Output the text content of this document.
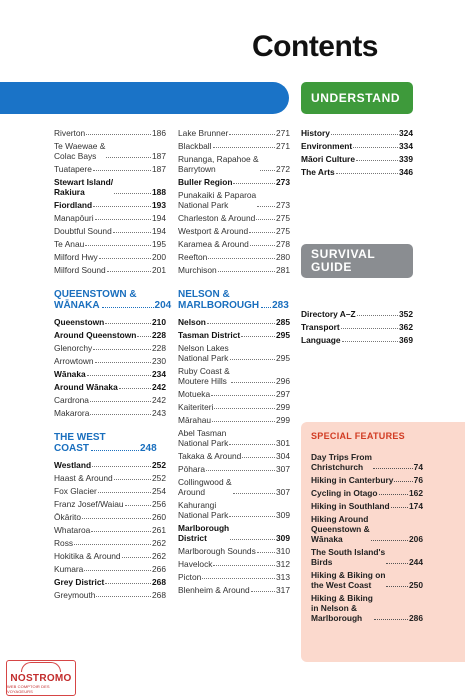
Contents
UNDERSTAND
SURVIVAL
GUIDE
Riverton	186
Te Waewae &
Colac Bays	187
Tuatapere	187
Stewart Island/
Rakiura	188
Fiordland	193
Manapōuri	194
Doubtful Sound	194
Te Anau	195
Milford Hwy	200
Milford Sound	201
QUEENSTOWN &
WĀNAKA	204
Queenstown	210
Around Queenstown 228
Glenorchy	228
Arrowtown	230
Wānaka	234
Around Wānaka	242
Cardrona	242
Makarora	243
THE WEST
COAST	248
Westland	252
Haast & Around	252
Fox Glacier	254
Franz Josef/Waiau	256
Ōkārito	260
Whataroa	261
Ross	262
Hokitika & Around	262
Kumara	266
Grey District	268
Greymouth	268
Lake Brunner	271
Blackball	271
Runanga, Rapahoe &
Barrytown	272
Buller Region	273
Punakaiki & Paparoa
National Park	273
Charleston & Around 275
Westport & Around	275
Karamea & Around	278
Reefton	280
Murchison	281
NELSON &
MARLBOROUGH 283
Nelson	285
Tasman District	295
Nelson Lakes
National Park	295
Ruby Coast &
Moutere Hills	296
Motueka	297
Kaiteriteri	299
Mārahau	299
Abel Tasman
National Park	301
Takaka & Around	304
Pōhara	307
Collingwood &
Around	307
Kahurangi
National Park	309
Marlborough
District	309
Marlborough Sounds 310
Havelock	312
Picton	313
Blenheim & Around	317
History	324
Environment	334
Māori Culture	339
The Arts	346
Directory A–Z	352
Transport	362
Language	369
SPECIAL FEATURES
Day Trips From
Christchurch	74
Hiking in Canterbury 76
Cycling in Otago	162
Hiking in Southland 174
Hiking Around
Queenstown &
Wānaka	206
The South Island's
Birds	244
Hiking & Biking on
the West Coast	250
Hiking & Biking
in Nelson &
Marlborough	286
NOSTROMO
WEB COMPTOIR DES VOYAGEURS
